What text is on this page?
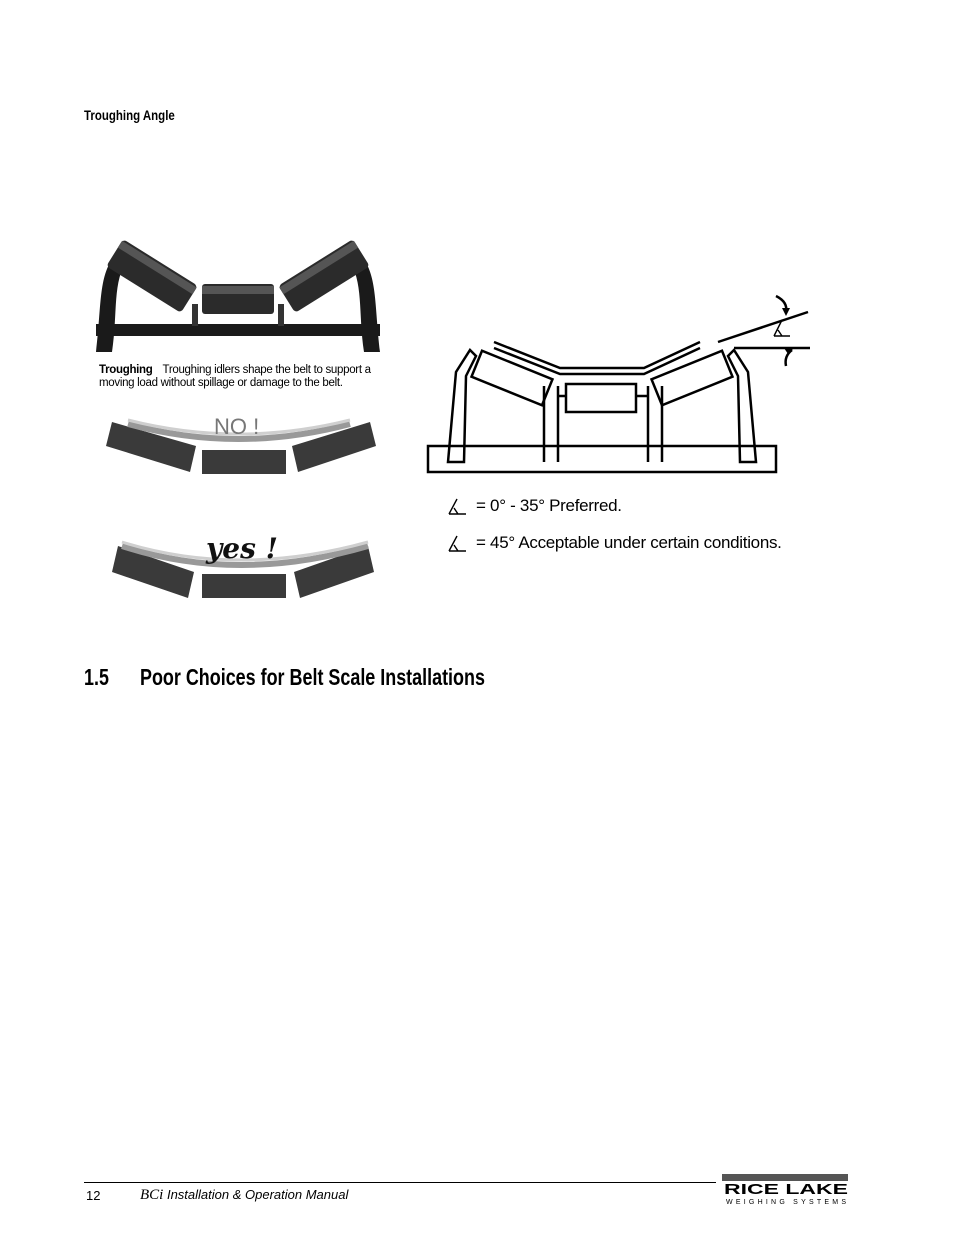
Troughing Angle
NO !
yes !
Troughing Troughing idlers shape the belt to support a moving load without spillage or damage to the belt.
= 0° - 35° Preferred.
= 45° Acceptable under certain conditions.
1.5 Poor Choices for Belt Scale Installations
12	BCi Installation & Operation Manual	RICE LAKE
WEIGHING SYSTEMS
